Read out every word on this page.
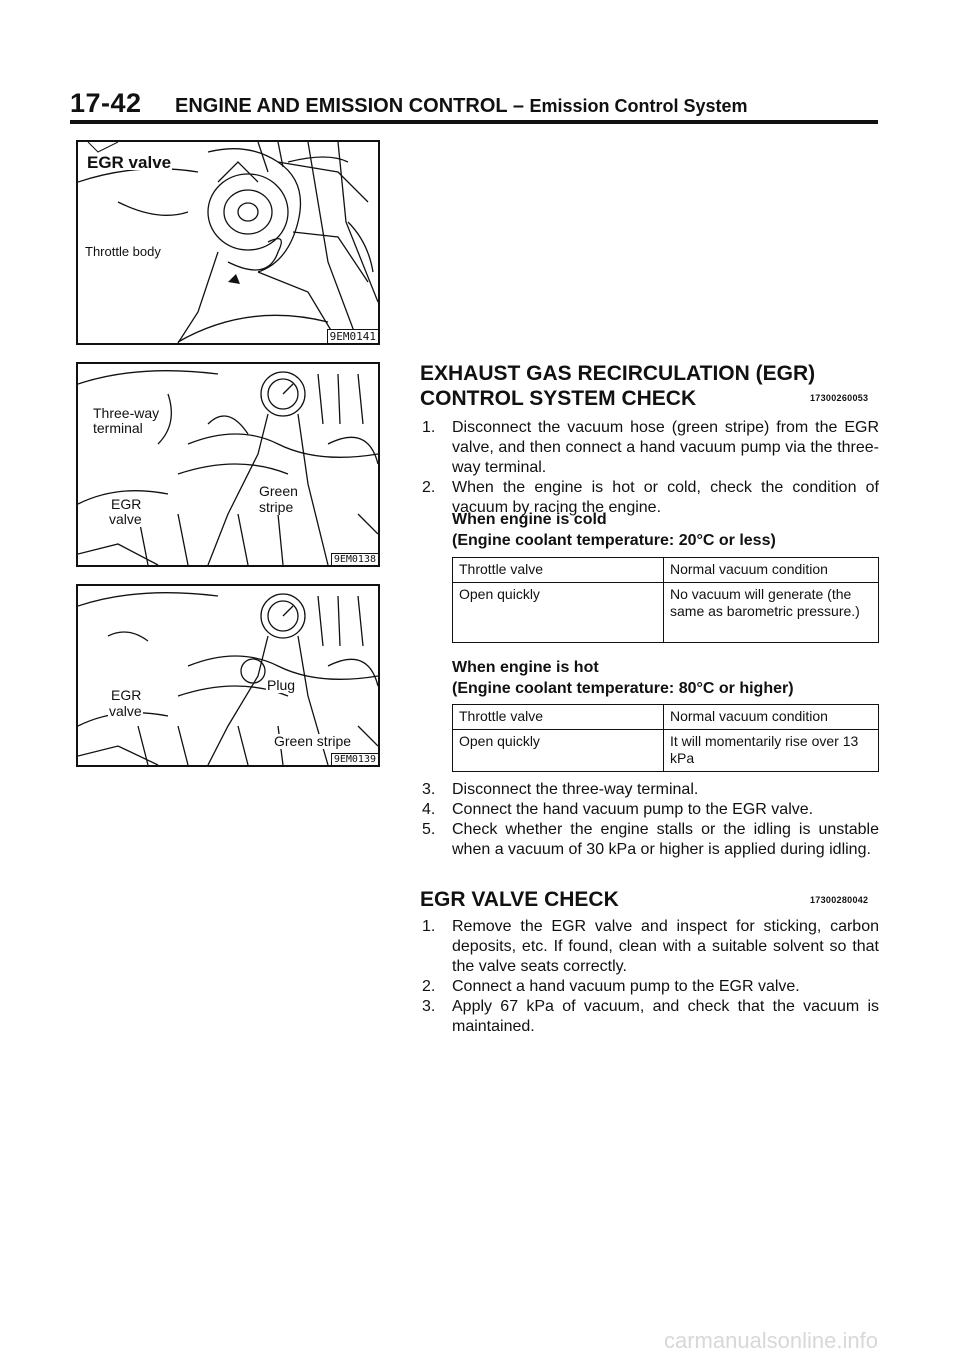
17-42 ENGINE AND EMISSION CONTROL – Emission Control System
EGR valve
Throttle body
9EM0141
Three-way
terminal
EGR
valve
Green
stripe
9EM0138
EGR
valve
Plug
Green stripe
9EM0139
EXHAUST GAS RECIRCULATION (EGR)
CONTROL SYSTEM CHECK	17300260053
1. Disconnect the vacuum hose (green stripe) from the EGR valve, and then connect a hand vacuum pump via the three-way terminal.
2. When the engine is hot or cold, check the condition of vacuum by racing the engine.
When engine is cold
(Engine coolant temperature: 20°C or less)
Throttle valve	Normal vacuum condition
Open quickly	No vacuum will generate (the same as barometric pressure.)
When engine is hot
(Engine coolant temperature: 80°C or higher)
Throttle valve	Normal vacuum condition
Open quickly	It will momentarily rise over 13 kPa
3. Disconnect the three-way terminal.
4. Connect the hand vacuum pump to the EGR valve.
5. Check whether the engine stalls or the idling is unstable when a vacuum of 30 kPa or higher is applied during idling.
EGR VALVE CHECK	17300280042
1. Remove the EGR valve and inspect for sticking, carbon deposits, etc. If found, clean with a suitable solvent so that the valve seats correctly.
2. Connect a hand vacuum pump to the EGR valve.
3. Apply 67 kPa of vacuum, and check that the vacuum is maintained.
carmanualsonline.info
